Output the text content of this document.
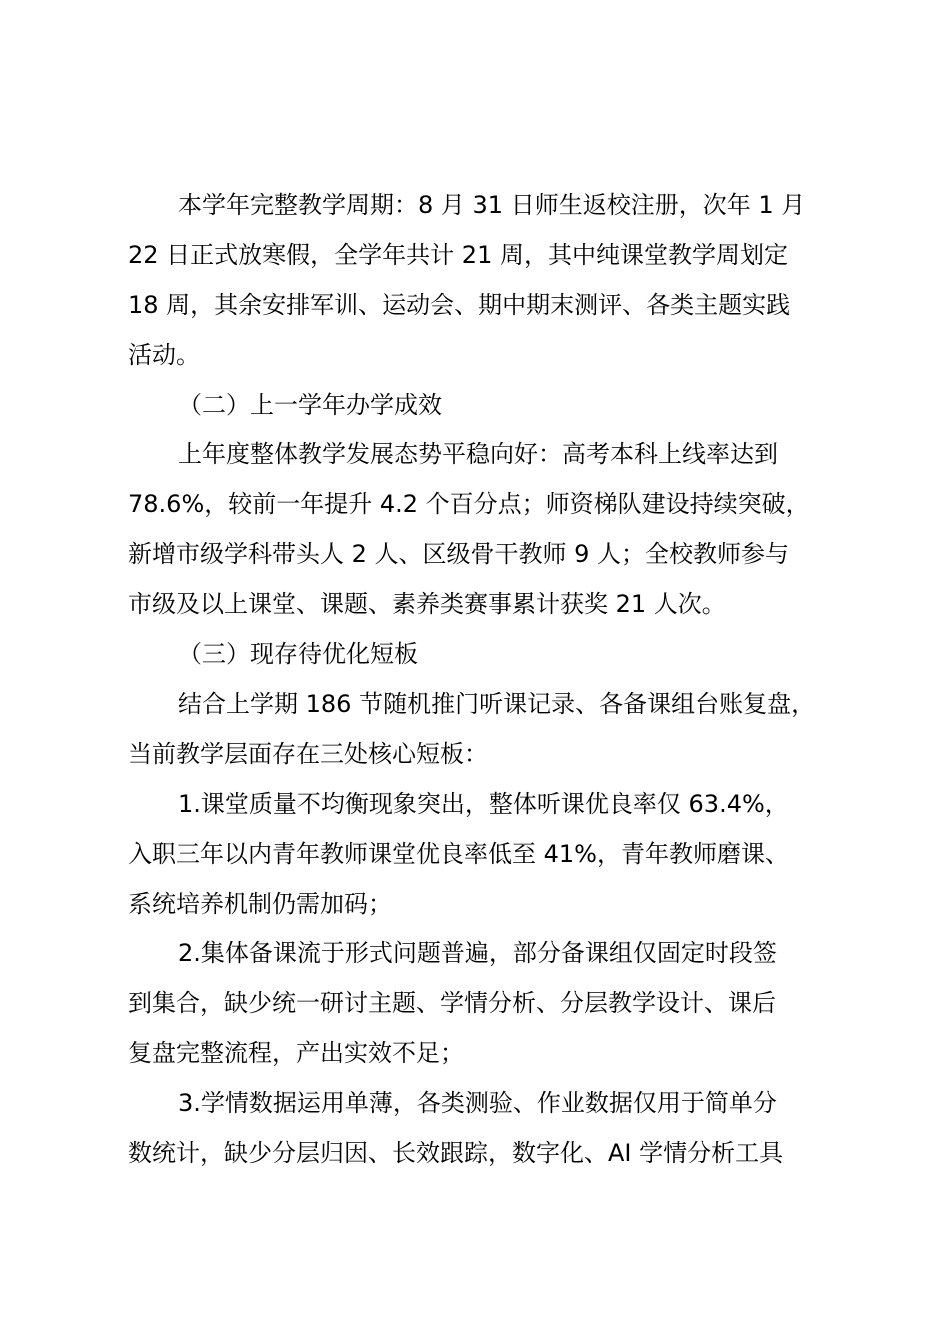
本学年完整教学周期：8 月 31 日师生返校注册，次年 1 月
22 日正式放寒假，全学年共计 21 周，其中纯课堂教学周划定
18 周，其余安排军训、运动会、期中期末测评、各类主题实践
活动。
（二）上一学年办学成效
上年度整体教学发展态势平稳向好：高考本科上线率达到
78.6%，较前一年提升 4.2 个百分点；师资梯队建设持续突破，
新增市级学科带头人 2 人、区级骨干教师 9 人；全校教师参与
市级及以上课堂、课题、素养类赛事累计获奖 21 人次。
（三）现存待优化短板
结合上学期 186 节随机推门听课记录、各备课组台账复盘，
当前教学层面存在三处核心短板：
1.课堂质量不均衡现象突出，整体听课优良率仅 63.4%，
入职三年以内青年教师课堂优良率低至 41%，青年教师磨课、
系统培养机制仍需加码；
2.集体备课流于形式问题普遍，部分备课组仅固定时段签
到集合，缺少统一研讨主题、学情分析、分层教学设计、课后
复盘完整流程，产出实效不足；
3.学情数据运用单薄，各类测验、作业数据仅用于简单分
数统计，缺少分层归因、长效跟踪，数字化、AI 学情分析工具
